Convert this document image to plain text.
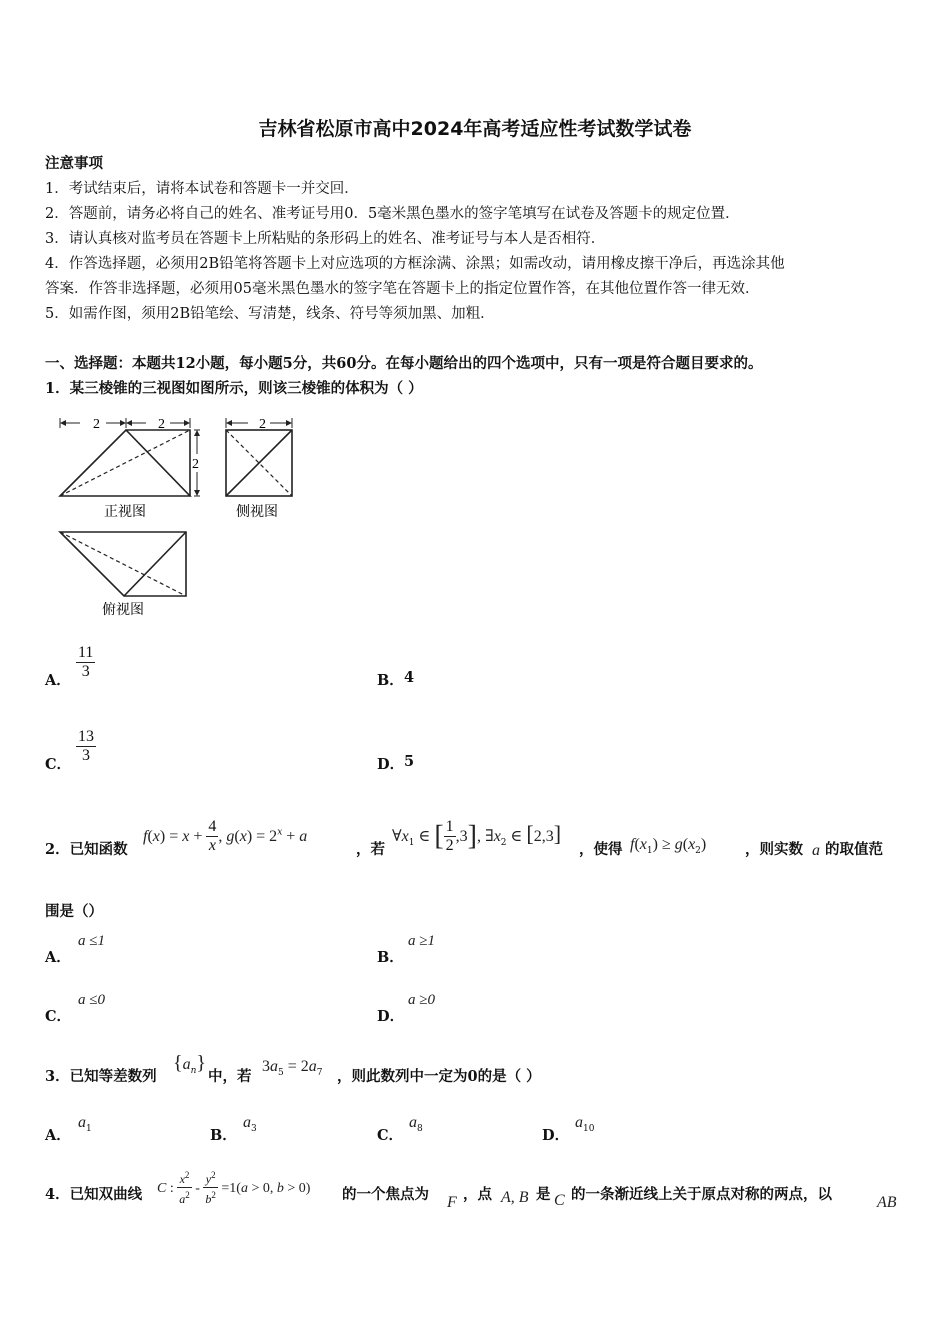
吉林省松原市高中2024年高考适应性考试数学试卷
注意事项
1．考试结束后，请将本试卷和答题卡一并交回．
2．答题前，请务必将自己的姓名、准考证号用0．5毫米黑色墨水的签字笔填写在试卷及答题卡的规定位置．
3．请认真核对监考员在答题卡上所粘贴的条形码上的姓名、准考证号与本人是否相符．
4．作答选择题，必须用2B铅笔将答题卡上对应选项的方框涂满、涂黑；如需改动，请用橡皮擦干净后，再选涂其他
答案．作答非选择题，必须用05毫米黑色墨水的签字笔在答题卡上的指定位置作答，在其他位置作答一律无效．
5．如需作图，须用2B铅笔绘、写清楚，线条、符号等须加黑、加粗．
一、选择题：本题共12小题，每小题5分，共60分。在每小题给出的四个选项中，只有一项是符合题目要求的。
1．某三棱锥的三视图如图所示，则该三棱锥的体积为（ ）
2	2
2
2
正视图	侧视图
俯视图
A． $\frac{11}{3}$	B． 4
C． $\frac{13}{3}$	D． 5
2．已知函数
$f(x) = x + \frac{4}{x}$ , $g(x) = 2^x + a$
，若
$\forall x_1$ ∈ [ $\frac{1}{2} ,3$], $\exists x_2$ ∈ [2,3]
，使得 $f(x_1) \ge g(x_2)$	，则实数 a 的取值范
围是（）
A．
a ≤1
B．
a ≥1
C．
a ≤0
D．
a ≥0
3．已知等差数列
$\{a_n\}$
中，若
$3a_5 = 2a_7$ ，则此数列中一定为0的是（ ）
A．
$a_1$	B．
$a_3$	C．
$a_8$	D．
$a_{10}$
4．已知双曲线 C : $\frac{x^2}{a^2} - \frac{y^2}{b^2} =1(a > 0$, b > 0) 的一个焦点为 F ，点 A, B 是 C 的一条渐近线上关于原点对称的两点，以	AB
